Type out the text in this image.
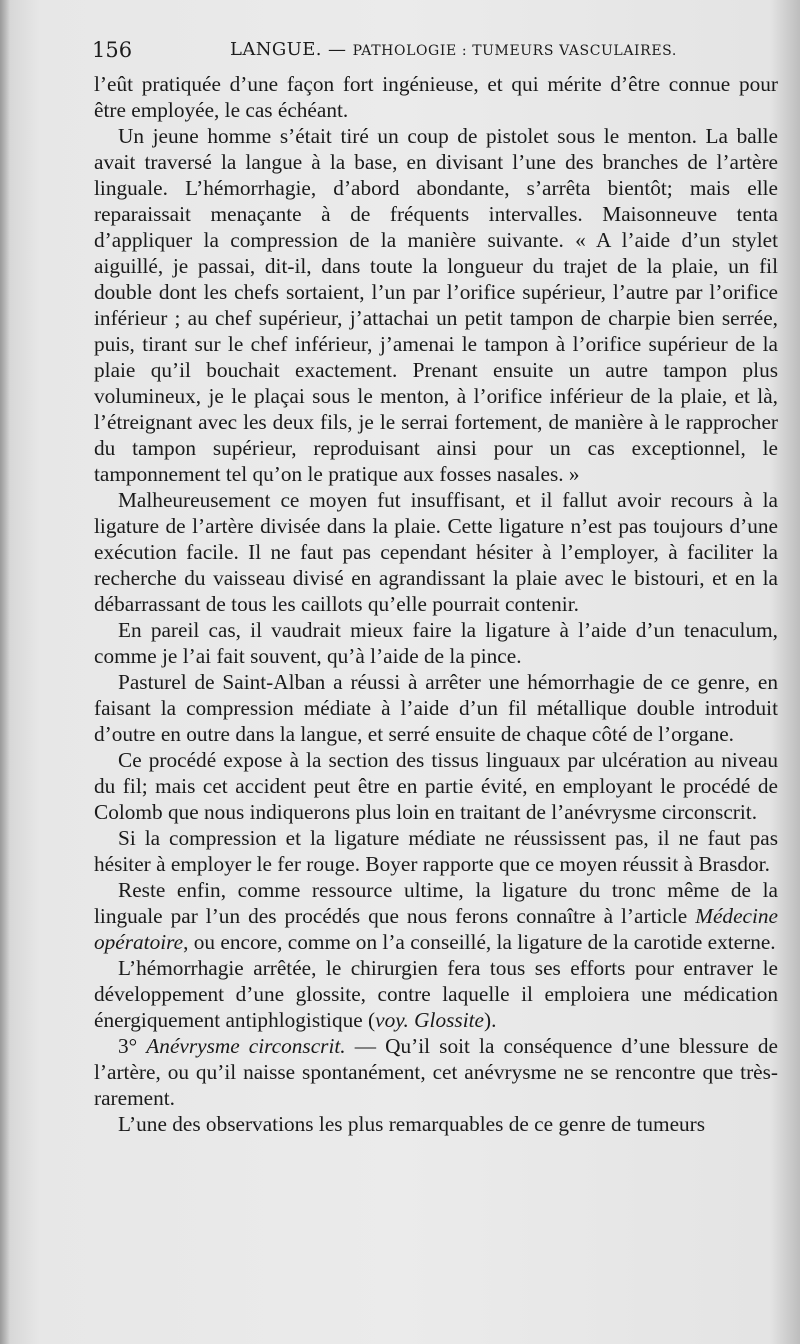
156	LANGUE. — PATHOLOGIE : TUMEURS VASCULAIRES.

l’eût pratiquée d’une façon fort ingénieuse, et qui mérite d’être connue pour être employée, le cas échéant.

Un jeune homme s’était tiré un coup de pistolet sous le menton. La balle avait traversé la langue à la base, en divisant l’une des branches de l’artère linguale. L’hémorrhagie, d’abord abondante, s’arrêta bientôt; mais elle reparaissait menaçante à de fréquents intervalles. Maisonneuve tenta d’appliquer la compression de la manière suivante. « A l’aide d’un stylet aiguillé, je passai, dit-il, dans toute la longueur du trajet de la plaie, un fil double dont les chefs sortaient, l’un par l’orifice supérieur, l’autre par l’orifice inférieur ; au chef supérieur, j’attachai un petit tampon de charpie bien serrée, puis, tirant sur le chef inférieur, j’amenai le tampon à l’orifice supérieur de la plaie qu’il bouchait exactement. Prenant ensuite un autre tampon plus volumineux, je le plaçai sous le menton, à l’orifice inférieur de la plaie, et là, l’étreignant avec les deux fils, je le serrai fortement, de manière à le rapprocher du tampon supérieur, reproduisant ainsi pour un cas exceptionnel, le tamponnement tel qu’on le pratique aux fosses nasales. »

Malheureusement ce moyen fut insuffisant, et il fallut avoir recours à la ligature de l’artère divisée dans la plaie. Cette ligature n’est pas toujours d’une exécution facile. Il ne faut pas cependant hésiter à l’employer, à faciliter la recherche du vaisseau divisé en agrandissant la plaie avec le bistouri, et en la débarrassant de tous les caillots qu’elle pourrait contenir.

En pareil cas, il vaudrait mieux faire la ligature à l’aide d’un tenaculum, comme je l’ai fait souvent, qu’à l’aide de la pince.

Pasturel de Saint-Alban a réussi à arrêter une hémorrhagie de ce genre, en faisant la compression médiate à l’aide d’un fil métallique double introduit d’outre en outre dans la langue, et serré ensuite de chaque côté de l’organe.

Ce procédé expose à la section des tissus linguaux par ulcération au niveau du fil; mais cet accident peut être en partie évité, en employant le procédé de Colomb que nous indiquerons plus loin en traitant de l’anévrysme circonscrit.

Si la compression et la ligature médiate ne réussissent pas, il ne faut pas hésiter à employer le fer rouge. Boyer rapporte que ce moyen réussit à Brasdor.

Reste enfin, comme ressource ultime, la ligature du tronc même de la linguale par l’un des procédés que nous ferons connaître à l’article Médecine opératoire, ou encore, comme on l’a conseillé, la ligature de la carotide externe.

L’hémorrhagie arrêtée, le chirurgien fera tous ses efforts pour entraver le développement d’une glossite, contre laquelle il emploiera une médication énergiquement antiphlogistique (voy. Glossite).

3° Anévrysme circonscrit. — Qu’il soit la conséquence d’une blessure de l’artère, ou qu’il naisse spontanément, cet anévrysme ne se rencontre que très-rarement.

L’une des observations les plus remarquables de ce genre de tumeurs
